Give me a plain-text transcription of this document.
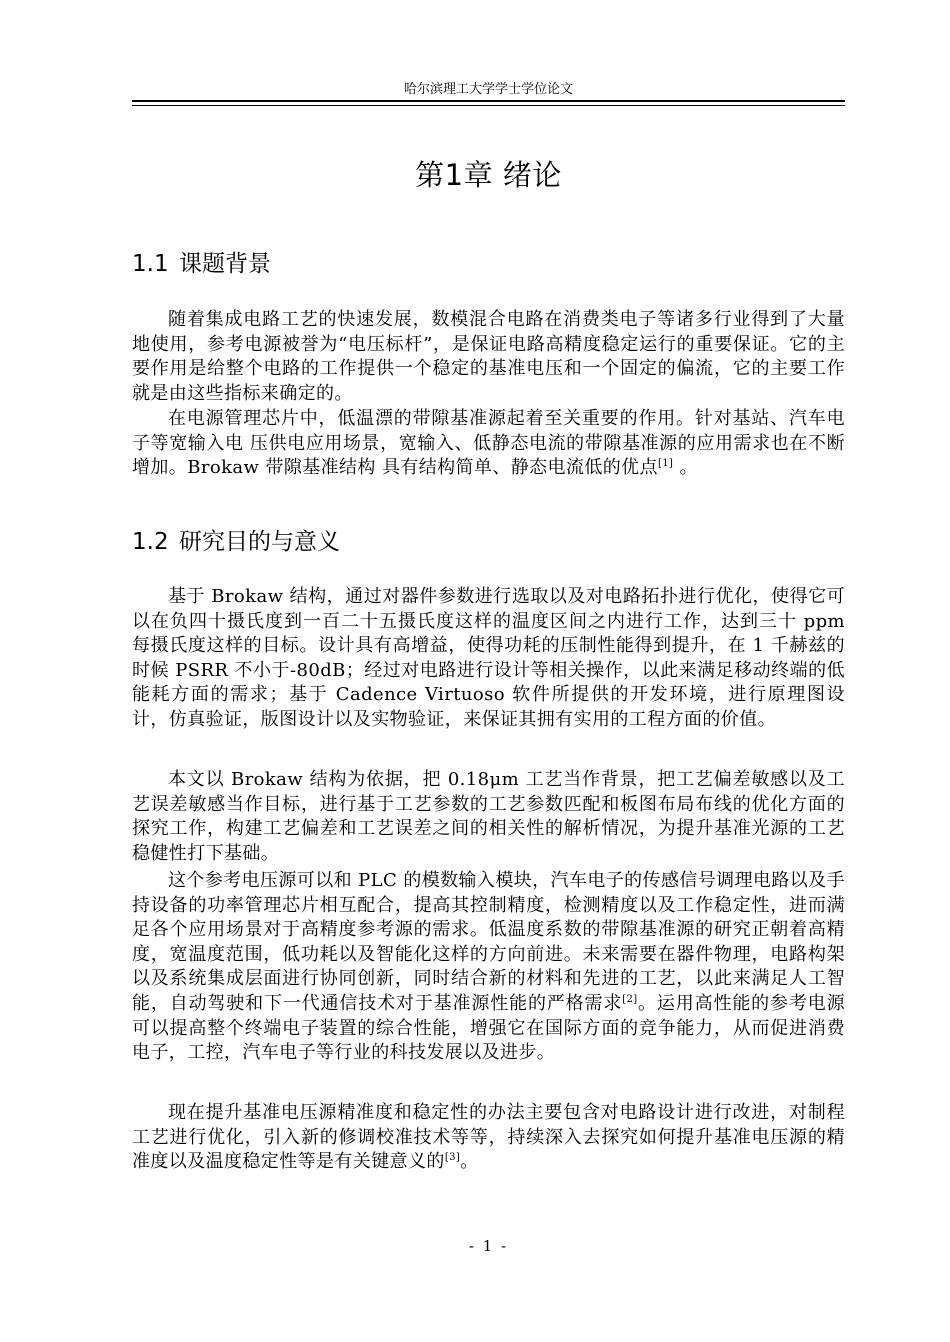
哈尔滨理工大学学士学位论文
第1章 绪论
1.1 课题背景

随着集成电路工艺的快速发展，数模混合电路在消费类电子等诸多行业得到了大量地使用，参考电源被誉为“电压标杆”，是保证电路高精度稳定运行的重要保证。它的主要作用是给整个电路的工作提供一个稳定的基准电压和一个固定的偏流，它的主要工作就是由这些指标来确定的。

在电源管理芯片中，低温漂的带隙基准源起着至关重要的作用。针对基站、汽车电子等宽输入电 压供电应用场景，宽输入、低静态电流的带隙基准源的应用需求也在不断增加。Brokaw 带隙基准结构 具有结构简单、静态电流低的优点[1] 。

1.2 研究目的与意义

基于 Brokaw 结构，通过对器件参数进行选取以及对电路拓扑进行优化，使得它可以在负四十摄氏度到一百二十五摄氏度这样的温度区间之内进行工作，达到三十 ppm 每摄氏度这样的目标。设计具有高增益，使得功耗的压制性能得到提升，在 1 千赫兹的时候 PSRR 不小于-80dB；经过对电路进行设计等相关操作，以此来满足移动终端的低能耗方面的需求；基于 Cadence Virtuoso 软件所提供的开发环境，进行原理图设计，仿真验证，版图设计以及实物验证，来保证其拥有实用的工程方面的价值。

本文以 Brokaw 结构为依据，把 0.18μm 工艺当作背景，把工艺偏差敏感以及工艺误差敏感当作目标，进行基于工艺参数的工艺参数匹配和板图布局布线的优化方面的探究工作，构建工艺偏差和工艺误差之间的相关性的解析情况，为提升基准光源的工艺稳健性打下基础。

这个参考电压源可以和 PLC 的模数输入模块，汽车电子的传感信号调理电路以及手持设备的功率管理芯片相互配合，提高其控制精度，检测精度以及工作稳定性，进而满足各个应用场景对于高精度参考源的需求。低温度系数的带隙基准源的研究正朝着高精度，宽温度范围，低功耗以及智能化这样的方向前进。未来需要在器件物理，电路构架以及系统集成层面进行协同创新，同时结合新的材料和先进的工艺，以此来满足人工智能，自动驾驶和下一代通信技术对于基准源性能的严格需求[2]。运用高性能的参考电源可以提高整个终端电子装置的综合性能，增强它在国际方面的竞争能力，从而促进消费电子，工控，汽车电子等行业的科技发展以及进步。

现在提升基准电压源精准度和稳定性的办法主要包含对电路设计进行改进，对制程工艺进行优化，引入新的修调校准技术等等，持续深入去探究如何提升基准电压源的精准度以及温度稳定性等是有关键意义的[3]。

- 1 -
